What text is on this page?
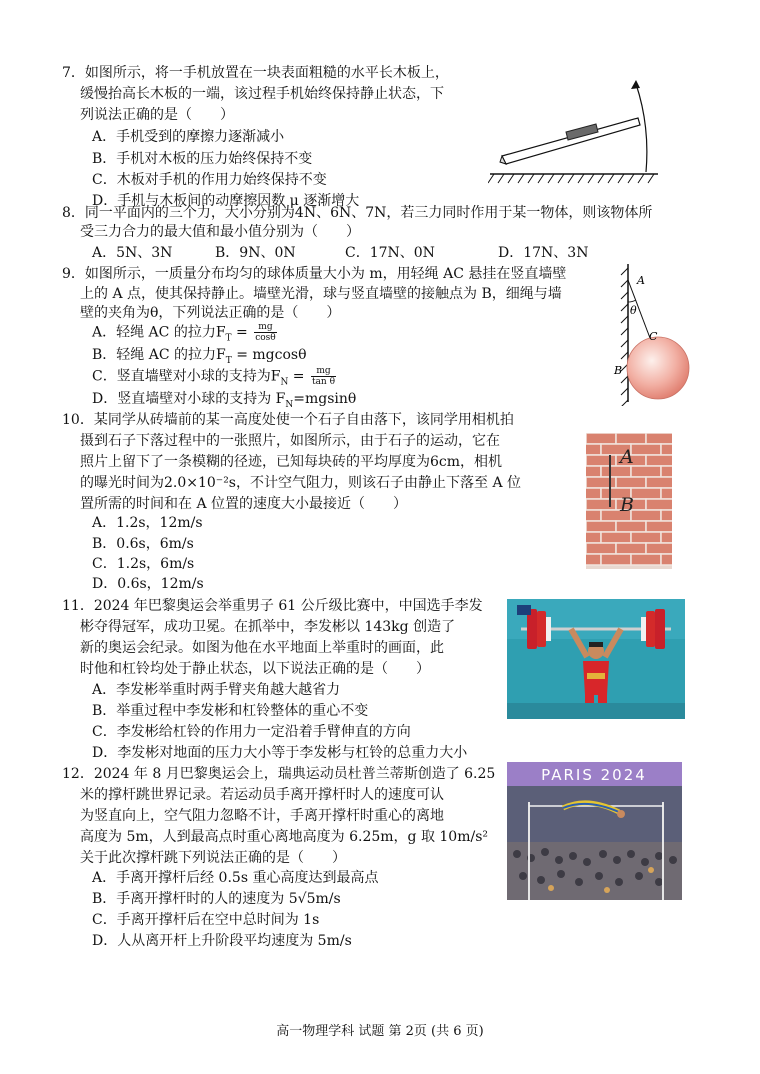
7．如图所示，将一手机放置在一块表面粗糙的水平长木板上，
缓慢抬高长木板的一端，该过程手机始终保持静止状态，下
列说法正确的是（　　）
A．手机受到的摩擦力逐渐减小
B．手机对木板的压力始终保持不变
C．木板对手机的作用力始终保持不变
D．手机与木板间的动摩擦因数 μ 逐渐增大
8．同一平面内的三个力，大小分别为4N、6N、7N，若三力同时作用于某一物体，则该物体所
受三力合力的最大值和最小值分别为（　　）
A．5N、3N	B．9N、0N	C．17N、0N	D．17N、3N
9．如图所示，一质量分布均匀的球体质量大小为 m，用轻绳 AC 悬挂在竖直墙壁
上的 A 点，使其保持静止。墙壁光滑，球与竖直墙壁的接触点为 B，细绳与墙
壁的夹角为θ，下列说法正确的是（　　）
A．轻绳 AC 的拉力$F_T = \frac{mg}{\cos\theta}$
B．轻绳 AC 的拉力$F_T = mgcos\theta$
C．竖直墙壁对小球的支持为$F_N = \frac{mg}{\text{tan θ}}$
D．竖直墙壁对小球的支持为 $F_N=mgsin\theta$
θ
A
C
B
10．某同学从砖墙前的某一高度处使一个石子自由落下，该同学用相机拍
摄到石子下落过程中的一张照片，如图所示，由于石子的运动，它在
照片上留下了一条模糊的径迹，已知每块砖的平均厚度为6cm，相机
的曝光时间为2.0×10⁻²s，不计空气阻力，则该石子由静止下落至 A 位
置所需的时间和在 A 位置的速度大小最接近（　　）
A．1.2s，12m/s
B．0.6s，6m/s
C．1.2s，6m/s
D．0.6s，12m/s
A
B
11．2024 年巴黎奥运会举重男子 61 公斤级比赛中，中国选手李发
彬夺得冠军，成功卫冕。在抓举中，李发彬以 143kg 创造了
新的奥运会纪录。如图为他在水平地面上举重时的画面，此
时他和杠铃均处于静止状态，以下说法正确的是（　　）
A．李发彬举重时两手臂夹角越大越省力
B．举重过程中李发彬和杠铃整体的重心不变
C．李发彬给杠铃的作用力一定沿着手臂伸直的方向
D．李发彬对地面的压力大小等于李发彬与杠铃的总重力大小
12．2024 年 8 月巴黎奥运会上，瑞典运动员杜普兰蒂斯创造了 6.25
米的撑杆跳世界记录。若运动员手离开撑杆时人的速度可认
为竖直向上，空气阻力忽略不计，手离开撑杆时重心的离地
高度为 5m，人到最高点时重心离地高度为 6.25m，g 取 10m/s²
关于此次撑杆跳下列说法正确的是（　　）
A．手离开撑杆后经 0.5s 重心高度达到最高点
B．手离开撑杆时的人的速度为 5√5m/s
C．手离开撑杆后在空中总时间为 1s
D．人从离开杆上升阶段平均速度为 5m/s
PARIS 2024
高一物理学科 试题 第 2页 (共 6 页)
